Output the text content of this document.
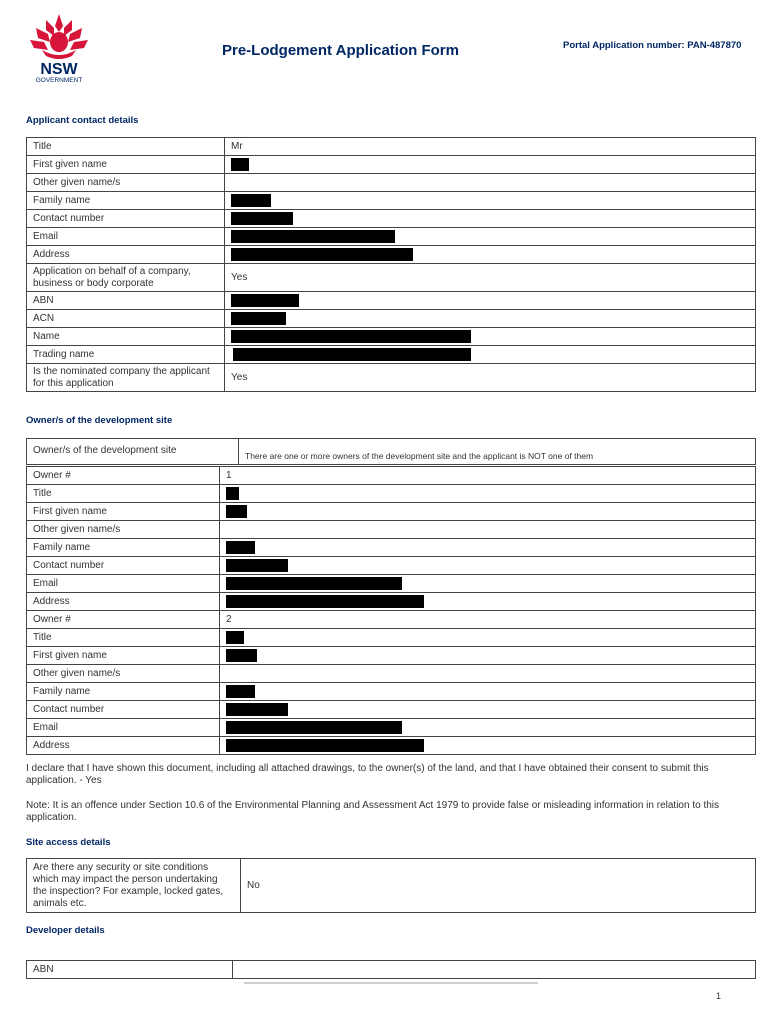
NSW
GOVERNMENT
Pre-Lodgement Application Form	Portal Application number: PAN-487870
Applicant contact details
Title	Mr
First given name	
Other given name/s	
Family name	
Contact number	
Email	
Address	
Application on behalf of a company, business or body corporate	Yes
ABN	
ACN	
Name	
Trading name	
Is the nominated company the applicant for this application	Yes
Owner/s of the development site
Owner/s of the development site	There are one or more owners of the development site and the applicant is NOT one of them
Owner #	1
Title	
First given name	
Other given name/s	
Family name	
Contact number	
Email	
Address	
Owner #	2
Title	
First given name	
Other given name/s	
Family name	
Contact number	
Email	
Address	
I declare that I have shown this document, including all attached drawings, to the owner(s) of the land, and that I have obtained their consent to submit this application. - Yes
Note: It is an offence under Section 10.6 of the Environmental Planning and Assessment Act 1979 to provide false or misleading information in relation to this application.
Site access details
Are there any security or site conditions which may impact the person undertaking the inspection? For example, locked gates, animals etc.	No
Developer details
ABN	
1
